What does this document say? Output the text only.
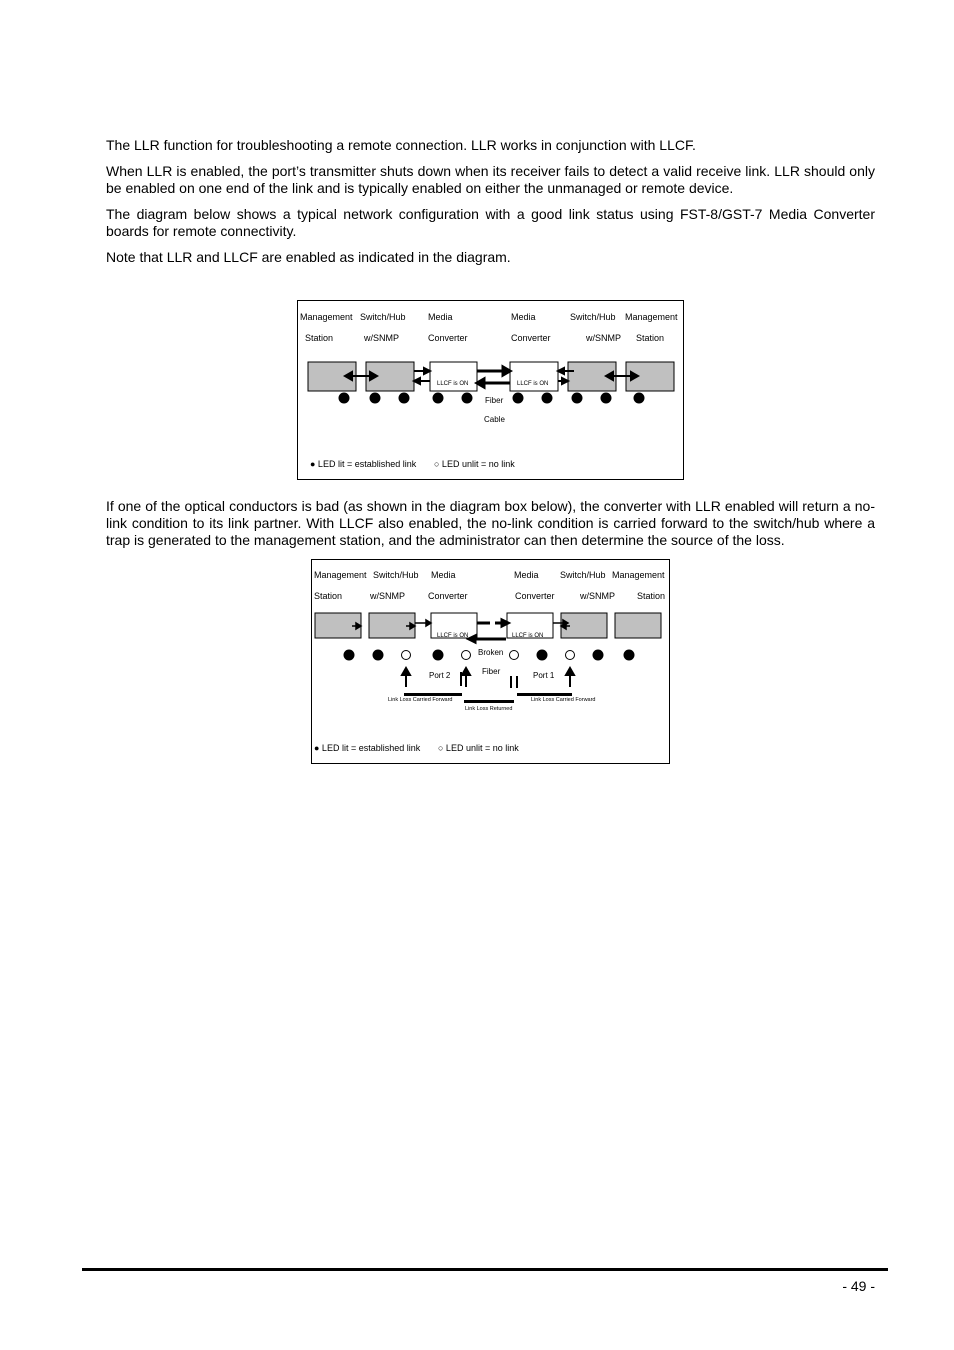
The LLR function for troubleshooting a remote connection. LLR works in conjunction with LLCF.

When LLR is enabled, the port’s transmitter shuts down when its receiver fails to detect a valid receive link. LLR should only be enabled on one end of the link and is typically enabled on either the unmanaged or remote device.

The diagram below shows a typical network configuration with a good link status using FST-8/GST-7 Media Converter boards for remote connectivity.

Note that LLR and LLCF are enabled as indicated in the diagram.

Management Switch/Hub Media	Media	Switch/Hub Management
Station	w/SNMP	Converter	Converter	w/SNMP Station
LLCF is ON	LLCF is ON
Fiber
Cable
● LED lit = established link ○ LED unlit = no link

If one of the optical conductors is bad (as shown in the diagram box below), the converter with LLR enabled will return a no-link condition to its link partner. With LLCF also enabled, the no-link condition is carried forward to the switch/hub where a trap is generated to the management station, and the administrator can then determine the source of the loss.

Management Switch/Hub Media	Media Switch/Hub Management
Station	w/SNMP	Converter	Converter	w/SNMP Station
LLCF is ON	LLCF is ON
Broken
Fiber
Port 2	Port 1
Link Loss Carried Forward
Link Loss Returned
Link Loss Carried Forward
● LED lit = established link ○ LED unlit = no link
- 49 -
